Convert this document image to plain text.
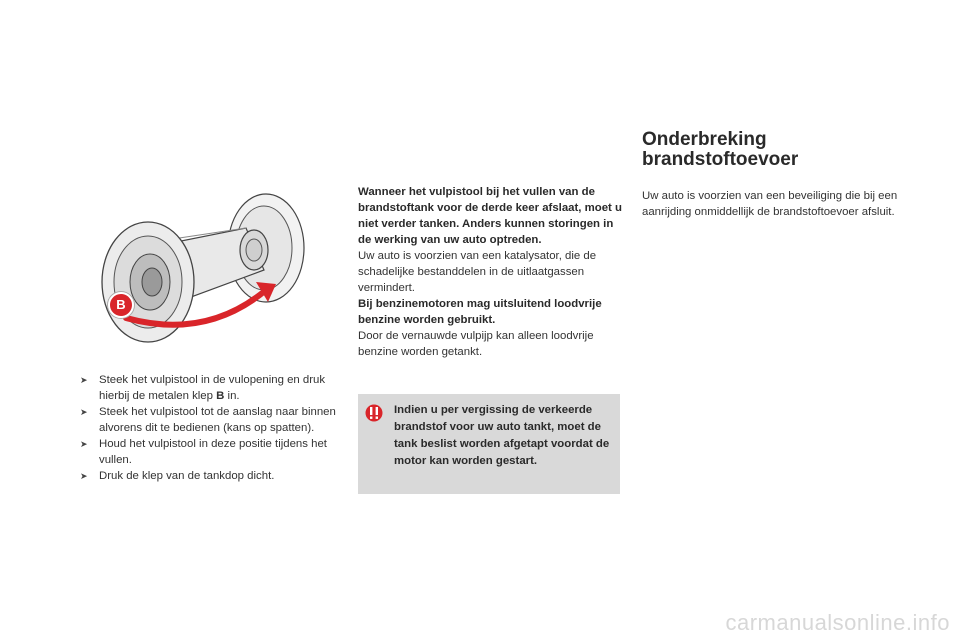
B
➤	Steek het vulpistool in de vulopening en druk hierbij de metalen klep B in.
➤	Steek het vulpistool tot de aanslag naar binnen alvorens dit te bedienen (kans op spatten).
➤	Houd het vulpistool in deze positie tijdens het vullen.
➤	Druk de klep van de tankdop dicht.
Wanneer het vulpistool bij het vullen van de brandstoftank voor de derde keer afslaat, moet u niet verder tanken. Anders kunnen storingen in de werking van uw auto optreden.
Uw auto is voorzien van een katalysator, die de schadelijke bestanddelen in de uitlaatgassen vermindert.
Bij benzinemotoren mag uitsluitend loodvrije benzine worden gebruikt.
Door de vernauwde vulpijp kan alleen loodvrije benzine worden getankt.
Indien u per vergissing de verkeerde brandstof voor uw auto tankt, moet de tank beslist worden afgetapt voordat de motor kan worden gestart.
Onderbreking
brandstoftoevoer

Uw auto is voorzien van een beveiliging die bij een aanrijding onmiddellijk de brandstoftoevoer afsluit.

carmanualsonline.info
